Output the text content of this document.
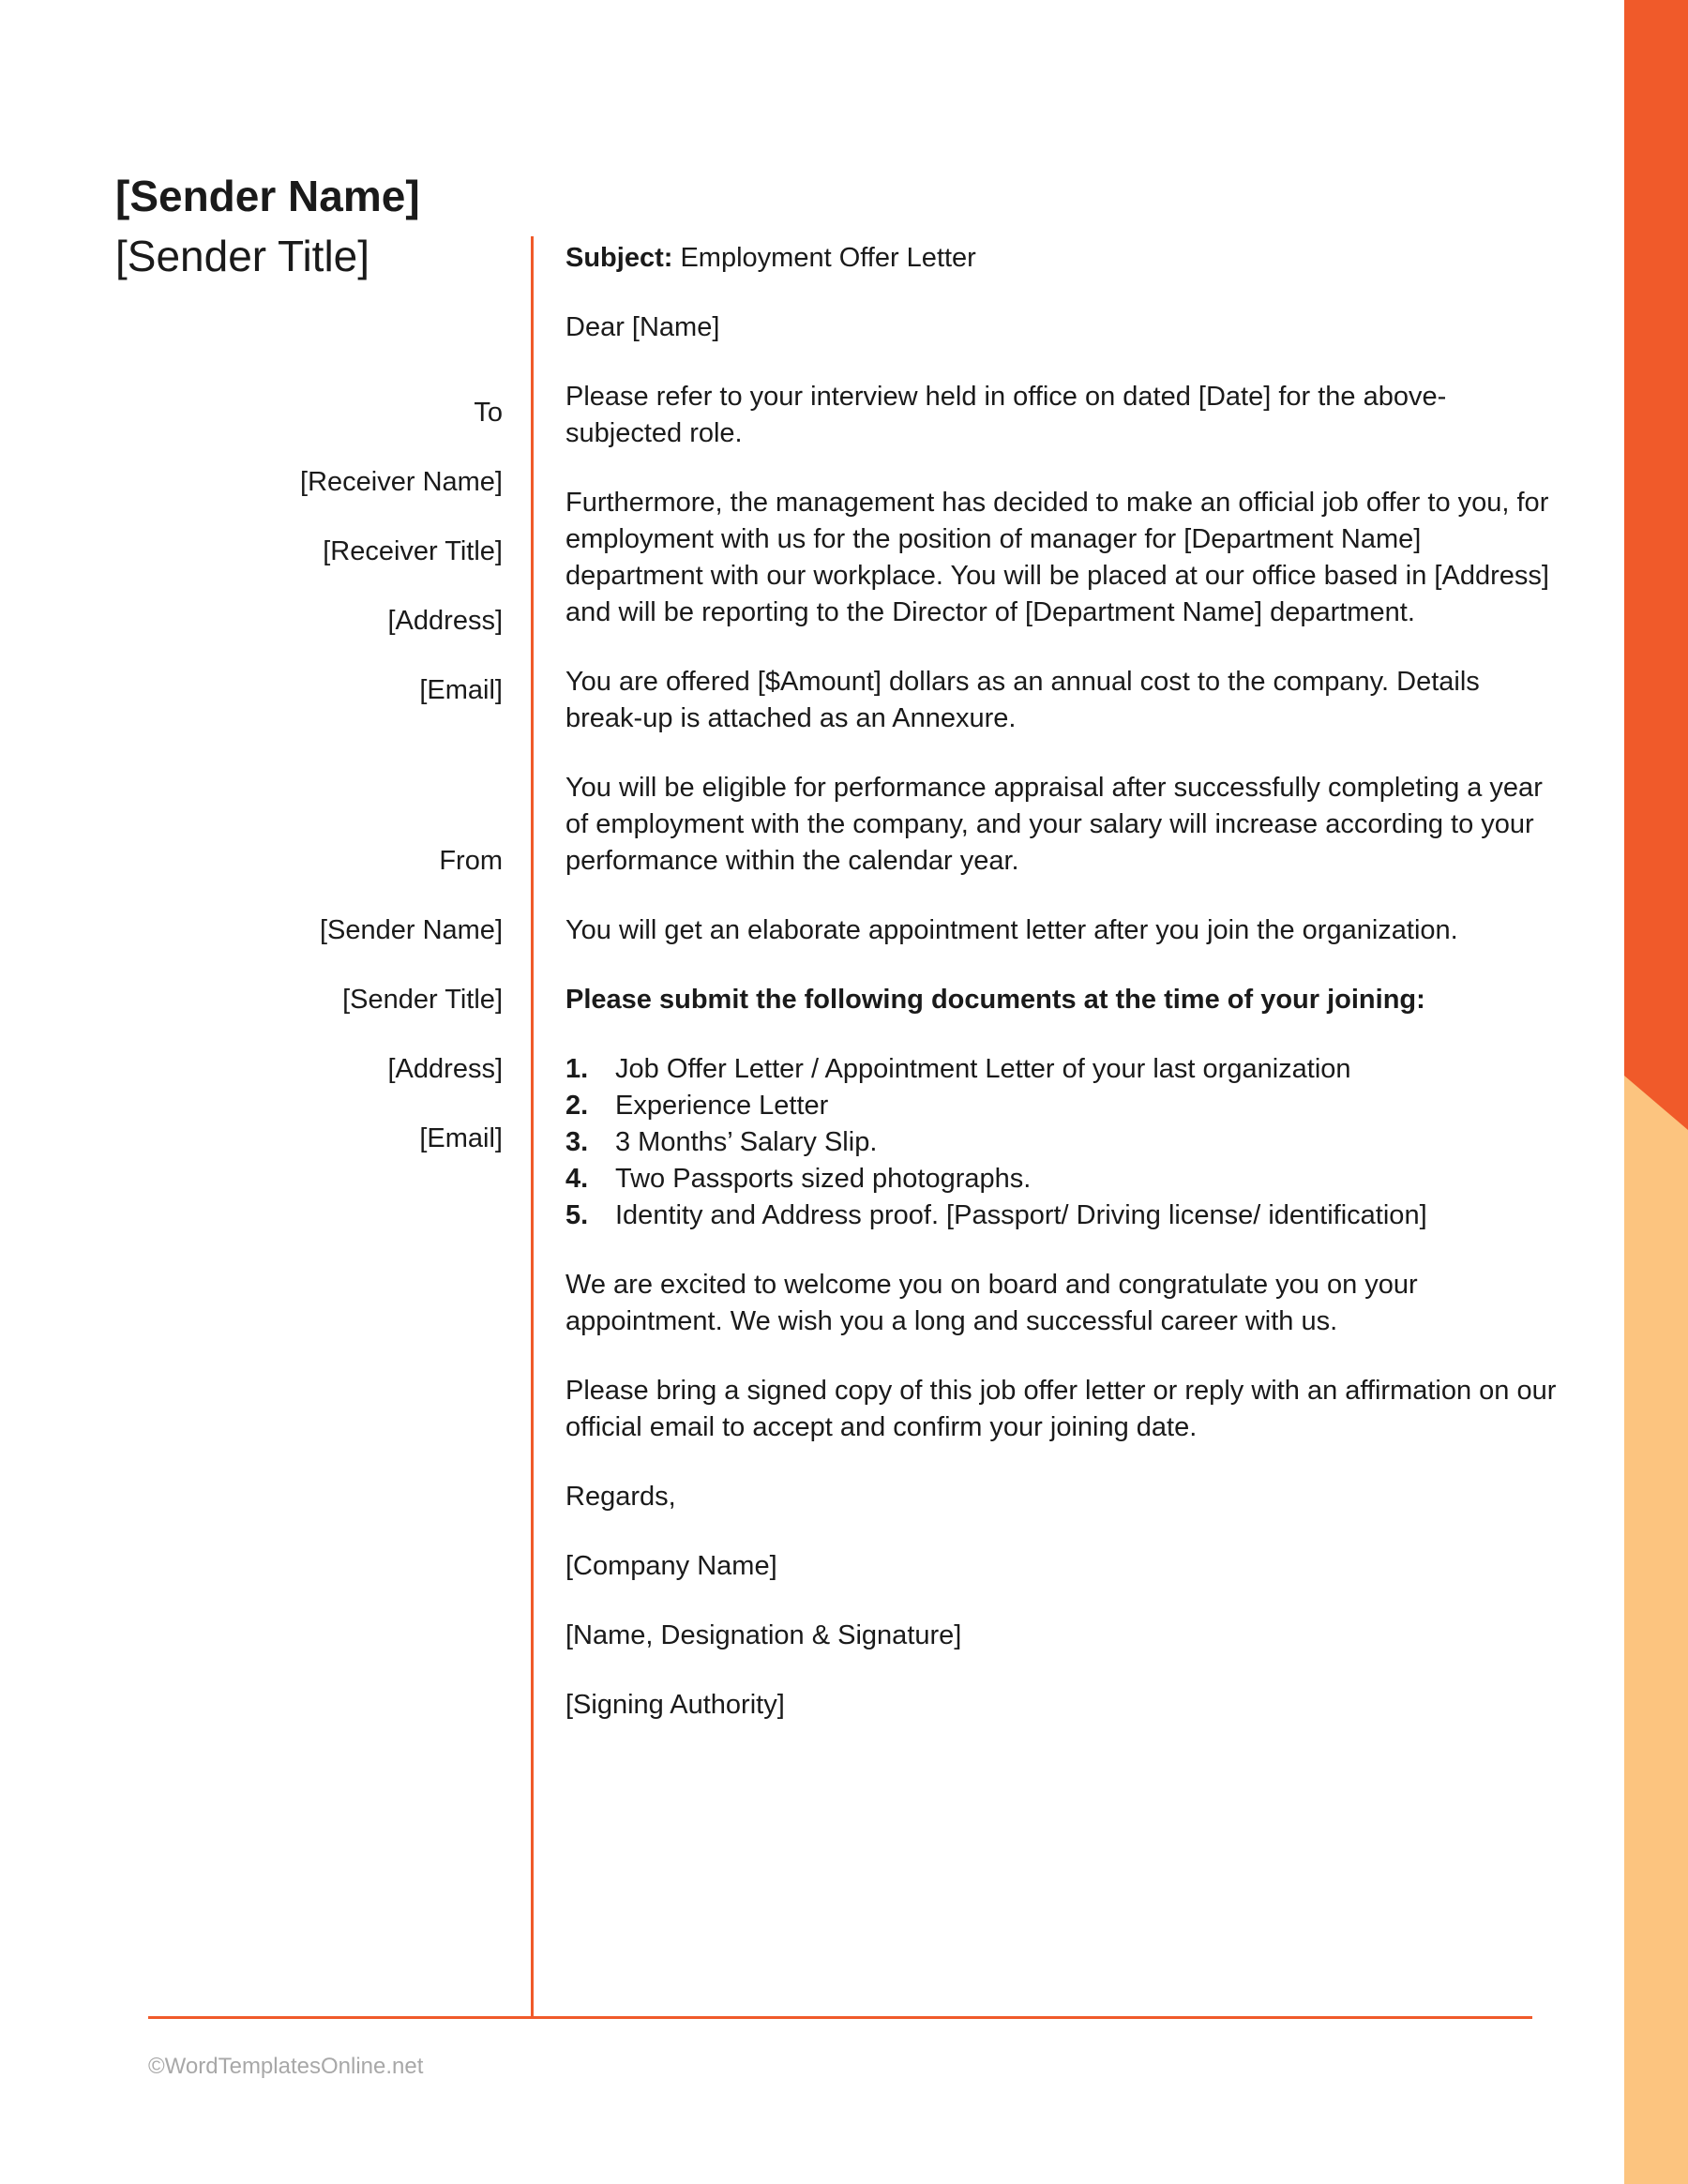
[Sender Name]
[Sender Title]
To
[Receiver Name]
[Receiver Title]
[Address]
[Email]
From
[Sender Name]
[Sender Title]
[Address]
[Email]

Subject: Employment Offer Letter

Dear [Name]

Please refer to your interview held in office on dated [Date] for the above-subjected role.

Furthermore, the management has decided to make an official job offer to you, for employment with us for the position of manager for [Department Name] department with our workplace. You will be placed at our office based in [Address] and will be reporting to the Director of [Department Name] department.

You are offered [$Amount] dollars as an annual cost to the company. Details break-up is attached as an Annexure.

You will be eligible for performance appraisal after successfully completing a year of employment with the company, and your salary will increase according to your performance within the calendar year.

You will get an elaborate appointment letter after you join the organization.

Please submit the following documents at the time of your joining:

1. Job Offer Letter / Appointment Letter of your last organization
2. Experience Letter
3. 3 Months’ Salary Slip.
4. Two Passports sized photographs.
5. Identity and Address proof. [Passport/ Driving license/ identification]

We are excited to welcome you on board and congratulate you on your appointment. We wish you a long and successful career with us.

Please bring a signed copy of this job offer letter or reply with an affirmation on our official email to accept and confirm your joining date.

Regards,

[Company Name]

[Name, Designation & Signature]

[Signing Authority]

©WordTemplatesOnline.net
